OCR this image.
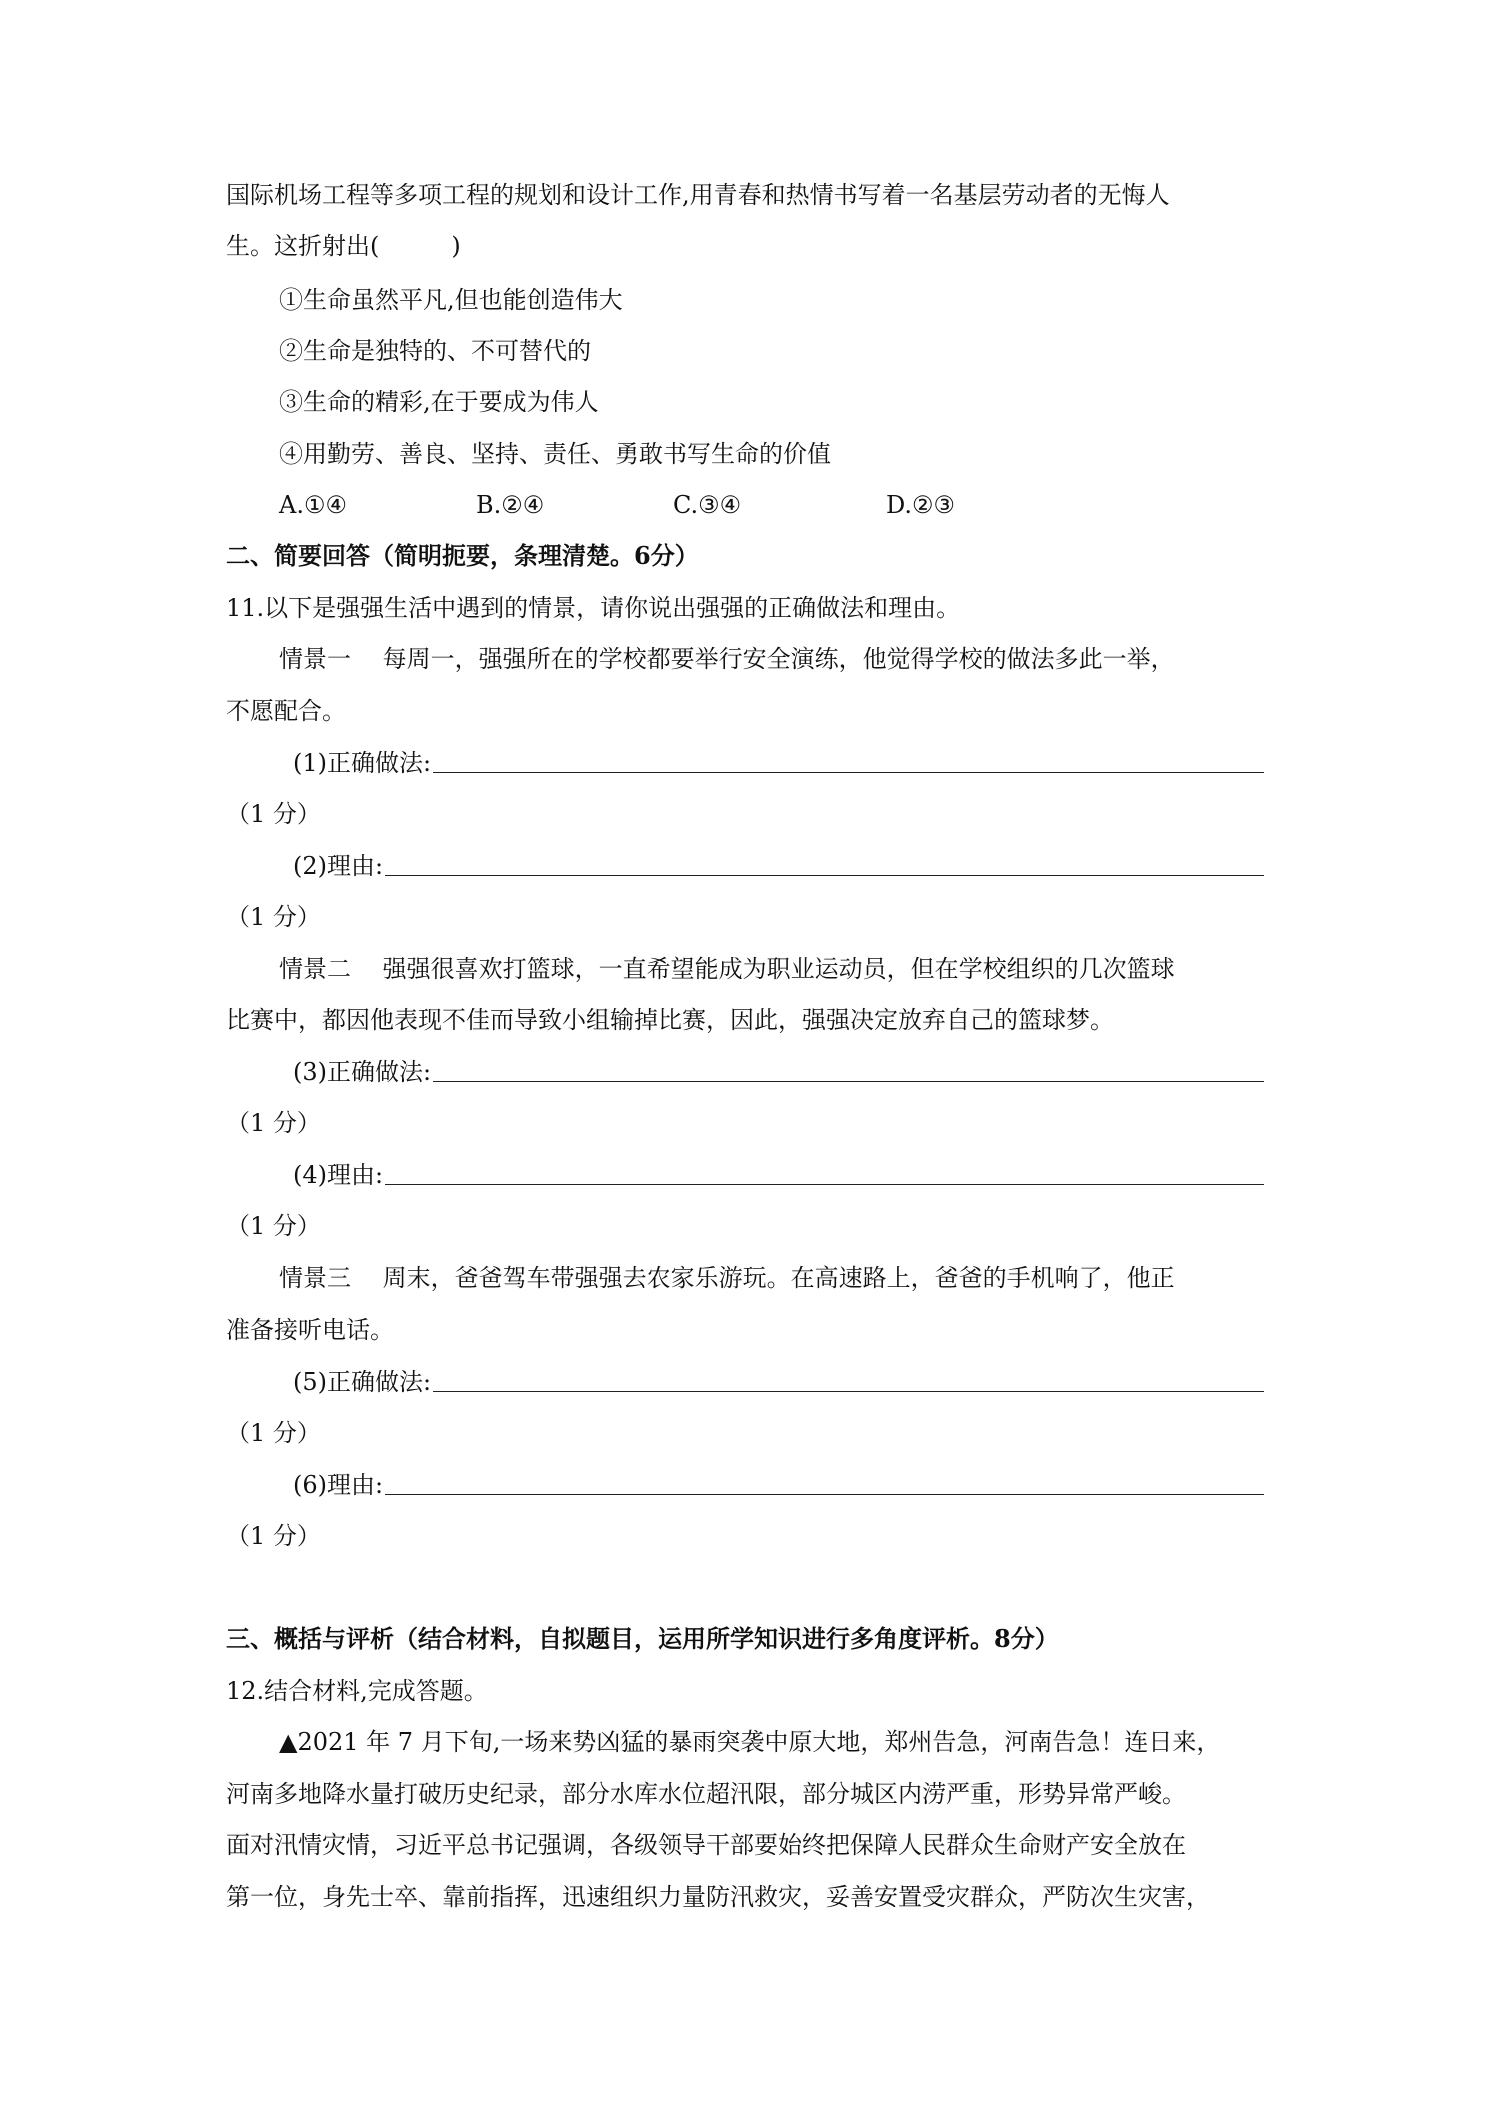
国际机场工程等多项工程的规划和设计工作,用青春和热情书写着一名基层劳动者的无悔人

生。这折射出(　　　)

①生命虽然平凡,但也能创造伟大

②生命是独特的、不可替代的

③生命的精彩,在于要成为伟人

④用勤劳、善良、坚持、责任、勇敢书写生命的价值

A.①④	B.②④	C.③④	D.②③

二、简要回答（简明扼要，条理清楚。6分）

11.以下是强强生活中遇到的情景，请你说出强强的正确做法和理由。

情景一　 每周一，强强所在的学校都要举行安全演练，他觉得学校的做法多此一举，

不愿配合。

(1)正确做法:

（1 分）

(2)理由:

（1 分）

情景二　 强强很喜欢打篮球，一直希望能成为职业运动员，但在学校组织的几次篮球

比赛中，都因他表现不佳而导致小组输掉比赛，因此，强强决定放弃自己的篮球梦。

(3)正确做法:

（1 分）

(4)理由:

（1 分）

情景三　 周末，爸爸驾车带强强去农家乐游玩。在高速路上，爸爸的手机响了，他正

准备接听电话。

(5)正确做法:

（1 分）

(6)理由:

（1 分）

三、概括与评析（结合材料，自拟题目，运用所学知识进行多角度评析。8分）

12.结合材料,完成答题。

▲2021 年 7 月下旬,一场来势凶猛的暴雨突袭中原大地，郑州告急，河南告急！连日来，

河南多地降水量打破历史纪录，部分水库水位超汛限，部分城区内涝严重，形势异常严峻。

面对汛情灾情，习近平总书记强调，各级领导干部要始终把保障人民群众生命财产安全放在

第一位，身先士卒、靠前指挥，迅速组织力量防汛救灾，妥善安置受灾群众，严防次生灾害，
